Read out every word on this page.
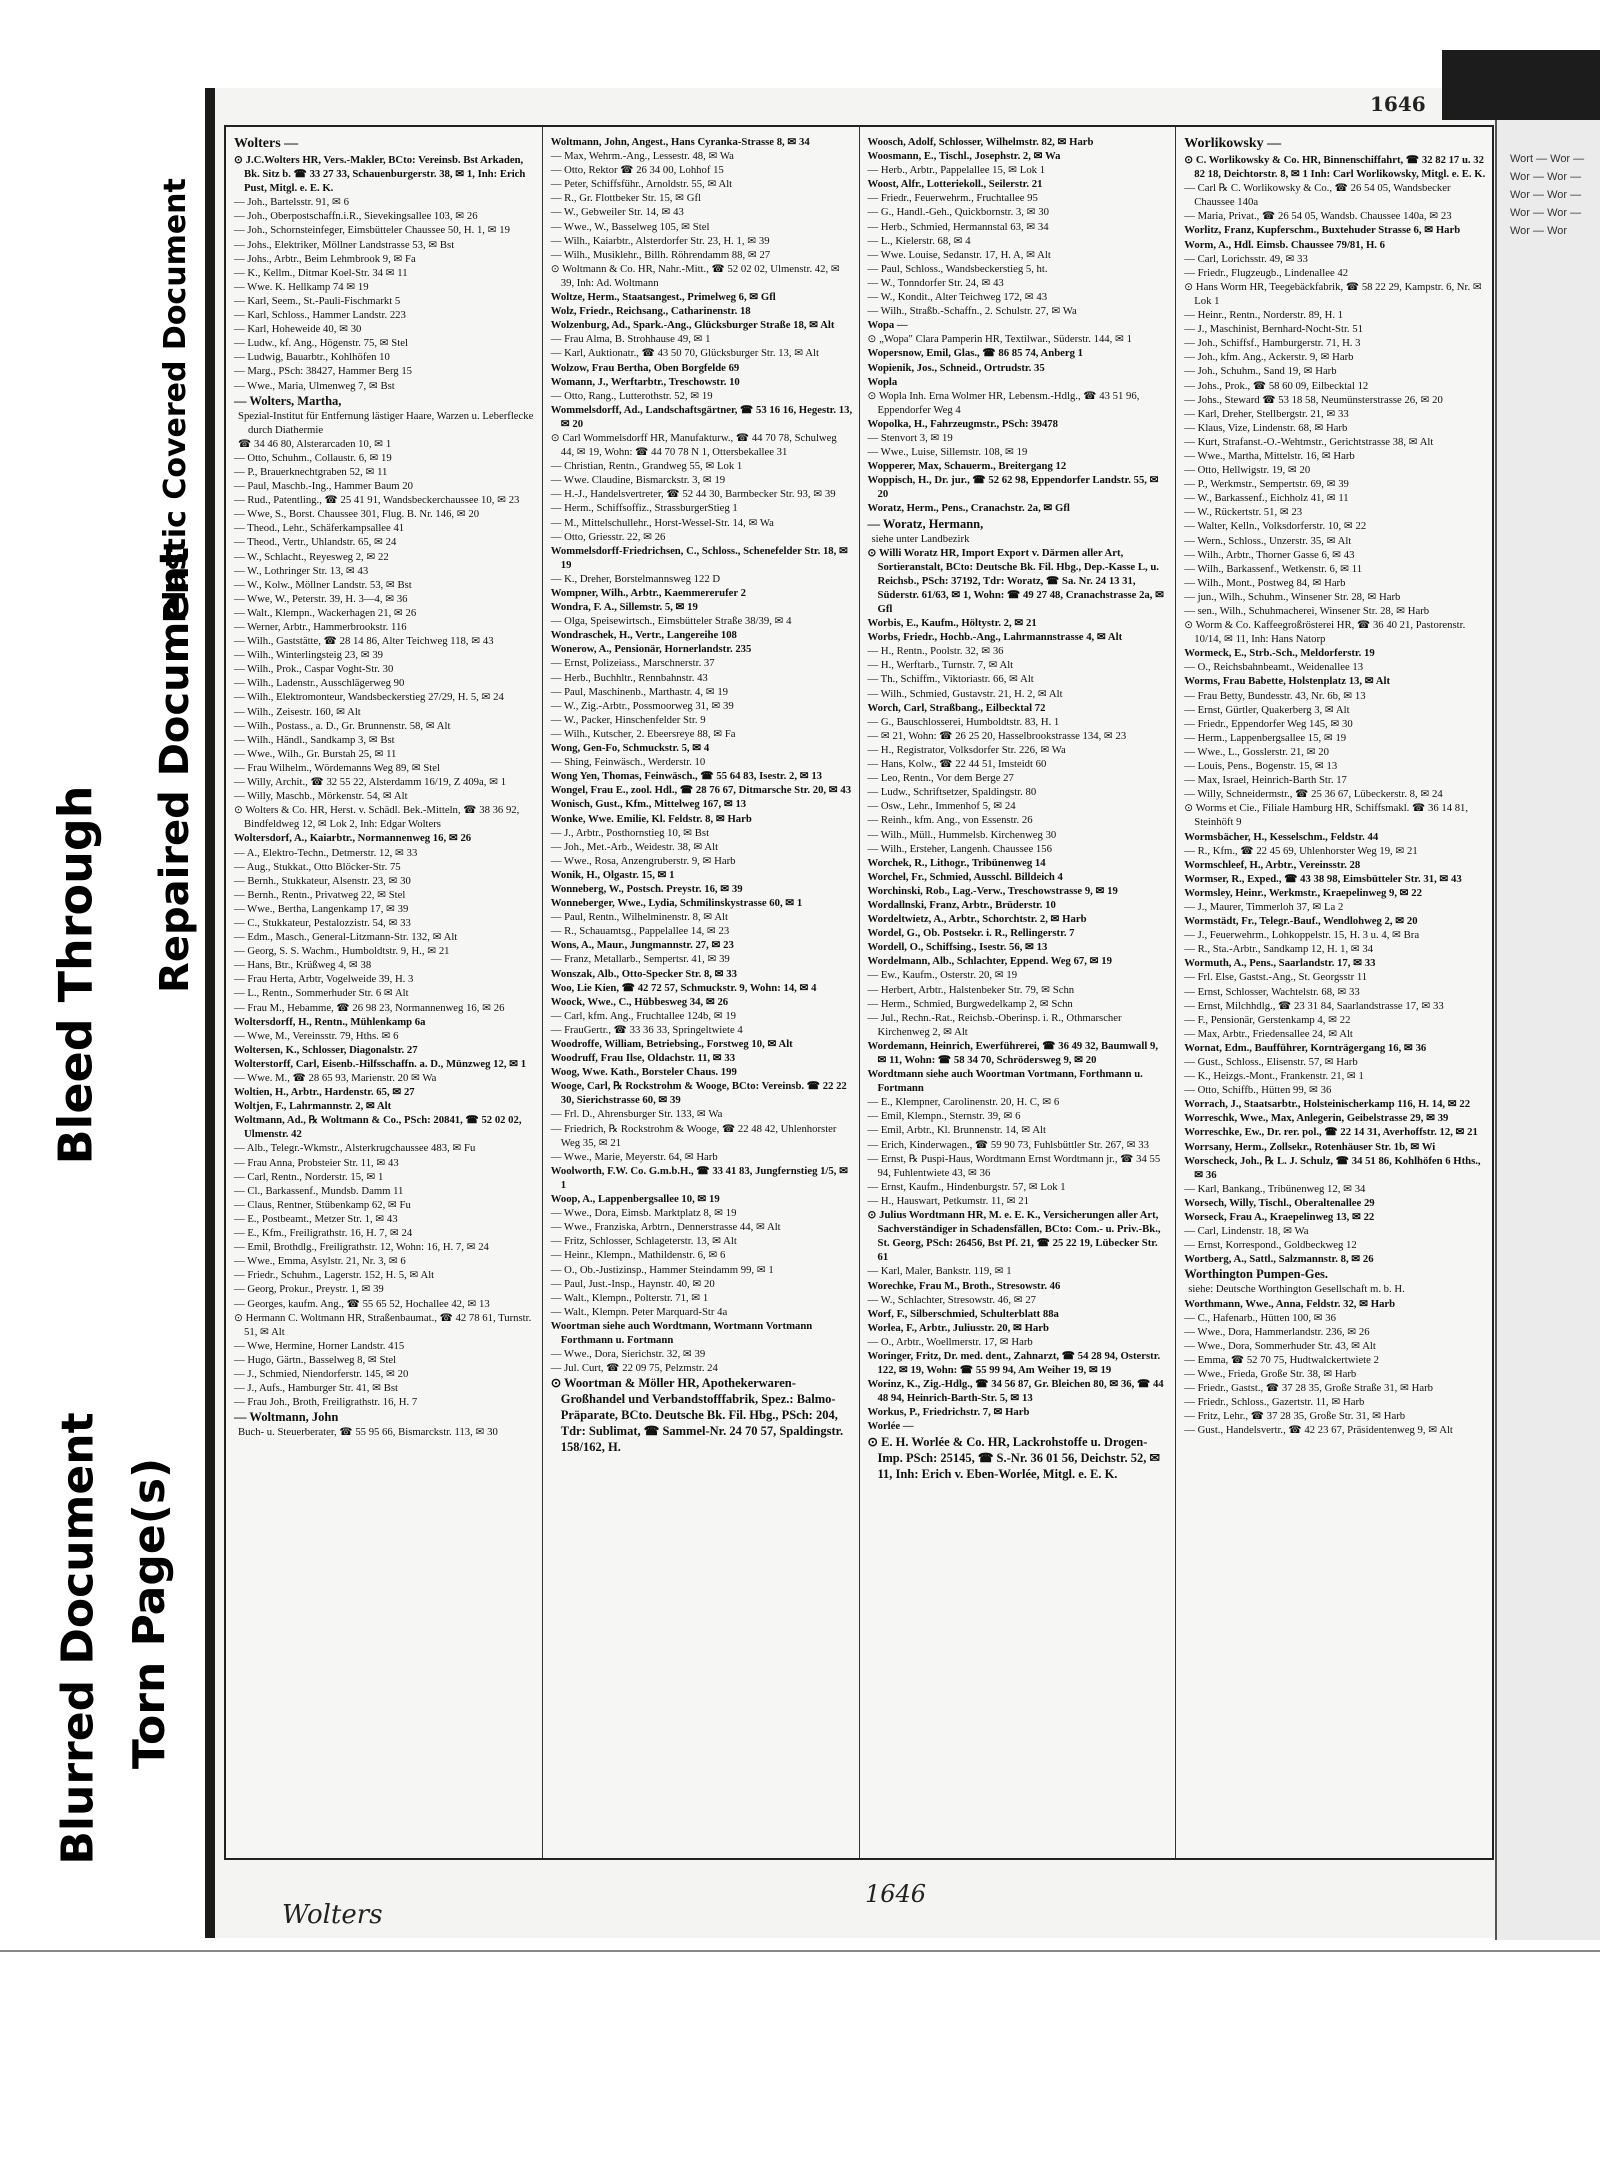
Blurred Document Torn Page(s)
Bleed Through Repaired Document
Plastic Covered Document
Wort — Wor — Wor — Wor — Wor — Wor — Wor — Wor — Wor — Wor
1646

Wolters —

⊙ J.C.Wolters HR, Vers.-Makler, BCto: Vereinsb. Bst Arkaden, Bk. Sitz b. ☎ 33 27 33, Schauenburgerstr. 38, ✉ 1, Inh: Erich Pust, Mitgl. e. E. K.

— Joh., Bartelsstr. 91, ✉ 6

— Joh., Oberpostschaffn.i.R., Sievekingsallee 103, ✉ 26

— Joh., Schornsteinfeger, Eimsbütteler Chaussee 50, H. 1, ✉ 19

— Johs., Elektriker, Möllner Landstrasse 53, ✉ Bst

— Johs., Arbtr., Beim Lehmbrook 9, ✉ Fa

— K., Kellm., Ditmar Koel-Str. 34 ✉ 11

— Wwe. K. Hellkamp 74 ✉ 19

— Karl, Seem., St.-Pauli-Fischmarkt 5

— Karl, Schloss., Hammer Landstr. 223

— Karl, Hoheweide 40, ✉ 30

— Ludw., kf. Ang., Högenstr. 75, ✉ Stel

— Ludwig, Bauarbtr., Kohlhöfen 10

— Marg., PSch: 38427, Hammer Berg 15

— Wwe., Maria, Ulmenweg 7, ✉ Bst

— Wolters, Martha,

Spezial-Institut für Entfernung lästiger Haare, Warzen u. Leberflecke durch Diathermie

☎ 34 46 80, Alsterarcaden 10, ✉ 1

— Otto, Schuhm., Collaustr. 6, ✉ 19

— P., Brauerknechtgraben 52, ✉ 11

— Paul, Maschb.-Ing., Hammer Baum 20

— Rud., Patentling., ☎ 25 41 91, Wandsbeckerchaussee 10, ✉ 23

— Wwe, S., Borst. Chaussee 301, Flug. B. Nr. 146, ✉ 20

— Theod., Lehr., Schäferkampsallee 41

— Theod., Vertr., Uhlandstr. 65, ✉ 24

— W., Schlacht., Reyesweg 2, ✉ 22

— W., Lothringer Str. 13, ✉ 43

— W., Kolw., Möllner Landstr. 53, ✉ Bst

— Wwe, W., Peterstr. 39, H. 3—4, ✉ 36

— Walt., Klempn., Wackerhagen 21, ✉ 26

— Werner, Arbtr., Hammerbrookstr. 116

— Wilh., Gaststätte, ☎ 28 14 86, Alter Teichweg 118, ✉ 43

— Wilh., Winterlingsteig 23, ✉ 39

— Wilh., Prok., Caspar Voght-Str. 30

— Wilh., Ladenstr., Ausschlägerweg 90

— Wilh., Elektromonteur, Wandsbeckerstieg 27/29, H. 5, ✉ 24

— Wilh., Zeisestr. 160, ✉ Alt

— Wilh., Postass., a. D., Gr. Brunnenstr. 58, ✉ Alt

— Wilh., Händl., Sandkamp 3, ✉ Bst

— Wwe., Wilh., Gr. Burstah 25, ✉ 11

— Frau Wilhelm., Wördemanns Weg 89, ✉ Stel

— Willy, Archit., ☎ 32 55 22, Alsterdamm 16/19, Z 409a, ✉ 1

— Willy, Maschb., Mörkenstr. 54, ✉ Alt

⊙ Wolters & Co. HR, Herst. v. Schädl. Bek.-Mitteln, ☎ 38 36 92, Bindfeldweg 12, ✉ Lok 2, Inh: Edgar Wolters

Woltersdorf, A., Kaiarbtr., Normannenweg 16, ✉ 26

— A., Elektro-Techn., Detmerstr. 12, ✉ 33

— Aug., Stukkat., Otto Blöcker-Str. 75

— Bernh., Stukkateur, Alsenstr. 23, ✉ 30

— Bernh., Rentn., Privatweg 22, ✉ Stel

— Wwe., Bertha, Langenkamp 17, ✉ 39

— C., Stukkateur, Pestalozzistr. 54, ✉ 33

— Edm., Masch., General-Litzmann-Str. 132, ✉ Alt

— Georg, S. S. Wachm., Humboldtstr. 9, H., ✉ 21

— Hans, Btr., Krüßweg 4, ✉ 38

— Frau Herta, Arbtr, Vogelweide 39, H. 3

— L., Rentn., Sommerhuder Str. 6 ✉ Alt

— Frau M., Hebamme, ☎ 26 98 23, Normannenweg 16, ✉ 26

Woltersdorff, H., Rentn., Mühlenkamp 6a

— Wwe, M., Vereinsstr. 79, Hths. ✉ 6

Woltersen, K., Schlosser, Diagonalstr. 27

Wolterstorff, Carl, Eisenb.-Hilfsschaffn. a. D., Münzweg 12, ✉ 1

— Wwe. M., ☎ 28 65 93, Marienstr. 20 ✉ Wa

Woltien, H., Arbtr., Hardenstr. 65, ✉ 27

Woltjen, F., Lahrmannstr. 2, ✉ Alt

Woltmann, Ad., ℞ Woltmann & Co., PSch: 20841, ☎ 52 02 02, Ulmenstr. 42

— Alb., Telegr.-Wkmstr., Alsterkrugchaussee 483, ✉ Fu

— Frau Anna, Probsteier Str. 11, ✉ 43

— Carl, Rentn., Norderstr. 15, ✉ 1

— Cl., Barkassenf., Mundsb. Damm 11

— Claus, Rentner, Stübenkamp 62, ✉ Fu

— E., Postbeamt., Metzer Str. 1, ✉ 43

— E., Kfm., Freiligrathstr. 16, H. 7, ✉ 24

— Emil, Brothdlg., Freiligrathstr. 12, Wohn: 16, H. 7, ✉ 24

— Wwe., Emma, Asylstr. 21, Nr. 3, ✉ 6

— Friedr., Schuhm., Lagerstr. 152, H. 5, ✉ Alt

— Georg, Prokur., Preystr. 1, ✉ 39

— Georges, kaufm. Ang., ☎ 55 65 52, Hochallee 42, ✉ 13

⊙ Hermann C. Woltmann HR, Straßenbaumat., ☎ 42 78 61, Turnstr. 51, ✉ Alt

— Wwe, Hermine, Horner Landstr. 415

— Hugo, Gärtn., Basselweg 8, ✉ Stel

— J., Schmied, Niendorferstr. 145, ✉ 20

— J., Aufs., Hamburger Str. 41, ✉ Bst

— Frau Joh., Broth, Freiligrathstr. 16, H. 7

— Woltmann, John

Buch- u. Steuerberater, ☎ 55 95 66, Bismarckstr. 113, ✉ 30

Woltmann, John, Angest., Hans Cyranka-Strasse 8, ✉ 34

— Max, Wehrm.-Ang., Lessestr. 48, ✉ Wa

— Otto, Rektor ☎ 26 34 00, Lohhof 15

— Peter, Schiffsführ., Arnoldstr. 55, ✉ Alt

— R., Gr. Flottbeker Str. 15, ✉ Gfl

— W., Gebweiler Str. 14, ✉ 43

— Wwe., W., Basselweg 105, ✉ Stel

— Wilh., Kaiarbtr., Alsterdorfer Str. 23, H. 1, ✉ 39

— Wilh., Musiklehr., Billh. Röhrendamm 88, ✉ 27

⊙ Woltmann & Co. HR, Nahr.-Mitt., ☎ 52 02 02, Ulmenstr. 42, ✉ 39, Inh: Ad. Woltmann

Woltze, Herm., Staatsangest., Primelweg 6, ✉ Gfl

Wolz, Friedr., Reichsang., Catharinenstr. 18

Wolzenburg, Ad., Spark.-Ang., Glücksburger Straße 18, ✉ Alt

— Frau Alma, B. Strohhause 49, ✉ 1

— Karl, Auktionatr., ☎ 43 50 70, Glücksburger Str. 13, ✉ Alt

Wolzow, Frau Bertha, Oben Borgfelde 69

Womann, J., Werftarbtr., Treschowstr. 10

— Otto, Rang., Lutterothstr. 52, ✉ 19

Wommelsdorff, Ad., Landschaftsgärtner, ☎ 53 16 16, Hegestr. 13, ✉ 20

⊙ Carl Wommelsdorff HR, Manufakturw., ☎ 44 70 78, Schulweg 44, ✉ 19, Wohn: ☎ 44 70 78 N 1, Ottersbekallee 31

— Christian, Rentn., Grandweg 55, ✉ Lok 1

— Wwe. Claudine, Bismarckstr. 3, ✉ 19

— H.-J., Handelsvertreter, ☎ 52 44 30, Barmbecker Str. 93, ✉ 39

— Herm., Schiffsoffiz., StrassburgerStieg 1

— M., Mittelschullehr., Horst-Wessel-Str. 14, ✉ Wa

— Otto, Griesstr. 22, ✉ 26

Wommelsdorff-Friedrichsen, C., Schloss., Schenefelder Str. 18, ✉ 19

— K., Dreher, Borstelmannsweg 122 D

Wompner, Wilh., Arbtr., Kaemmererufer 2

Wondra, F. A., Sillemstr. 5, ✉ 19

— Olga, Speisewirtsch., Eimsbütteler Straße 38/39, ✉ 4

Wondraschek, H., Vertr., Langereihe 108

Wonerow, A., Pensionär, Hornerlandstr. 235

— Ernst, Polizeiass., Marschnerstr. 37

— Herb., Buchhltr., Rennbahnstr. 43

— Paul, Maschinenb., Marthastr. 4, ✉ 19

— W., Zig.-Arbtr., Possmoorweg 31, ✉ 39

— W., Packer, Hinschenfelder Str. 9

— Wilh., Kutscher, 2. Ebeersreye 88, ✉ Fa

Wong, Gen-Fo, Schmuckstr. 5, ✉ 4

— Shing, Feinwäsch., Werderstr. 10

Wong Yen, Thomas, Feinwäsch., ☎ 55 64 83, Isestr. 2, ✉ 13

Wongel, Frau E., zool. Hdl., ☎ 28 76 67, Ditmarsche Str. 20, ✉ 43

Wonisch, Gust., Kfm., Mittelweg 167, ✉ 13

Wonke, Wwe. Emilie, Kl. Feldstr. 8, ✉ Harb

— J., Arbtr., Posthornstieg 10, ✉ Bst

— Joh., Met.-Arb., Weidestr. 38, ✉ Alt

— Wwe., Rosa, Anzengruberstr. 9, ✉ Harb

Wonik, H., Olgastr. 15, ✉ 1

Wonneberg, W., Postsch. Preystr. 16, ✉ 39

Wonneberger, Wwe., Lydia, Schmilinskystrasse 60, ✉ 1

— Paul, Rentn., Wilhelminenstr. 8, ✉ Alt

— R., Schauamtsg., Pappelallee 14, ✉ 23

Wons, A., Maur., Jungmannstr. 27, ✉ 23

— Franz, Metallarb., Sempertsr. 41, ✉ 39

Wonszak, Alb., Otto-Specker Str. 8, ✉ 33

Woo, Lie Kien, ☎ 42 72 57, Schmuckstr. 9, Wohn: 14, ✉ 4

Woock, Wwe., C., Hübbesweg 34, ✉ 26

— Carl, kfm. Ang., Fruchtallee 124b, ✉ 19

— FrauGertr., ☎ 33 36 33, Springeltwiete 4

Woodroffe, William, Betriebsing., Forstweg 10, ✉ Alt

Woodruff, Frau Ilse, Oldachstr. 11, ✉ 33

Woog, Wwe. Kath., Borsteler Chaus. 199

Wooge, Carl, ℞ Rockstrohm & Wooge, BCto: Vereinsb. ☎ 22 22 30, Sierichstrasse 60, ✉ 39

— Frl. D., Ahrensburger Str. 133, ✉ Wa

— Friedrich, ℞ Rockstrohm & Wooge, ☎ 22 48 42, Uhlenhorster Weg 35, ✉ 21

— Wwe., Marie, Meyerstr. 64, ✉ Harb

Woolworth, F.W. Co. G.m.b.H., ☎ 33 41 83, Jungfernstieg 1/5, ✉ 1

Woop, A., Lappenbergsallee 10, ✉ 19

— Wwe., Dora, Eimsb. Marktplatz 8, ✉ 19

— Wwe., Franziska, Arbtrn., Dennerstrasse 44, ✉ Alt

— Fritz, Schlosser, Schlageterstr. 13, ✉ Alt

— Heinr., Klempn., Mathildenstr. 6, ✉ 6

— O., Ob.-Justizinsp., Hammer Steindamm 99, ✉ 1

— Paul, Just.-Insp., Haynstr. 40, ✉ 20

— Walt., Klempn., Polterstr. 71, ✉ 1

— Walt., Klempn. Peter Marquard-Str 4a

Woortman siehe auch Wordtmann, Wortmann Vortmann Forthmann u. Fortmann

— Wwe., Dora, Sierichstr. 32, ✉ 39

— Jul. Curt, ☎ 22 09 75, Pelzmstr. 24

⊙ Woortman & Möller HR, Apothekerwaren-Großhandel und Verbandstofffabrik, Spez.: Balmo-Präparate, BCto. Deutsche Bk. Fil. Hbg., PSch: 204, Tdr: Sublimat, ☎ Sammel-Nr. 24 70 57, Spaldingstr. 158/162, H.

Woosch, Adolf, Schlosser, Wilhelmstr. 82, ✉ Harb

Woosmann, E., Tischl., Josephstr. 2, ✉ Wa

— Herb., Arbtr., Pappelallee 15, ✉ Lok 1

Woost, Alfr., Lotteriekoll., Seilerstr. 21

— Friedr., Feuerwehrm., Fruchtallee 95

— G., Handl.-Geh., Quickbornstr. 3, ✉ 30

— Herb., Schmied, Hermannstal 63, ✉ 34

— L., Kielerstr. 68, ✉ 4

— Wwe. Louise, Sedanstr. 17, H. A, ✉ Alt

— Paul, Schloss., Wandsbeckerstieg 5, ht.

— W., Tonndorfer Str. 24, ✉ 43

— W., Kondit., Alter Teichweg 172, ✉ 43

— Wilh., Straßb.-Schaffn., 2. Schulstr. 27, ✉ Wa

Wopa —

⊙ „Wopa" Clara Pamperin HR, Textilwar., Süderstr. 144, ✉ 1

Wopersnow, Emil, Glas., ☎ 86 85 74, Anberg 1

Wopienik, Jos., Schneid., Ortrudstr. 35

Wopla

⊙ Wopla Inh. Erna Wolmer HR, Lebensm.-Hdlg., ☎ 43 51 96, Eppendorfer Weg 4

Wopolka, H., Fahrzeugmstr., PSch: 39478

— Stenvort 3, ✉ 19

— Wwe., Luise, Sillemstr. 108, ✉ 19

Wopperer, Max, Schauerm., Breitergang 12

Woppisch, H., Dr. jur., ☎ 52 62 98, Eppendorfer Landstr. 55, ✉ 20

Woratz, Herm., Pens., Cranachstr. 2a, ✉ Gfl

— Woratz, Hermann,

siehe unter Landbezirk

⊙ Willi Woratz HR, Import Export v. Därmen aller Art, Sortieranstalt, BCto: Deutsche Bk. Fil. Hbg., Dep.-Kasse L, u. Reichsb., PSch: 37192, Tdr: Woratz, ☎ Sa. Nr. 24 13 31, Süderstr. 61/63, ✉ 1, Wohn: ☎ 49 27 48, Cranachstrasse 2a, ✉ Gfl

Worbis, E., Kaufm., Höltystr. 2, ✉ 21

Worbs, Friedr., Hochb.-Ang., Lahrmannstrasse 4, ✉ Alt

— H., Rentn., Poolstr. 32, ✉ 36

— H., Werftarb., Turnstr. 7, ✉ Alt

— Th., Schiffm., Viktoriastr. 66, ✉ Alt

— Wilh., Schmied, Gustavstr. 21, H. 2, ✉ Alt

Worch, Carl, Straßbang., Eilbecktal 72

— G., Bauschlosserei, Humboldtstr. 83, H. 1

— ✉ 21, Wohn: ☎ 26 25 20, Hasselbrookstrasse 134, ✉ 23

— H., Registrator, Volksdorfer Str. 226, ✉ Wa

— Hans, Kolw., ☎ 22 44 51, Imsteidt 60

— Leo, Rentn., Vor dem Berge 27

— Ludw., Schriftsetzer, Spaldingstr. 80

— Osw., Lehr., Immenhof 5, ✉ 24

— Reinh., kfm. Ang., von Essenstr. 26

— Wilh., Müll., Hummelsb. Kirchenweg 30

— Wilh., Ersteher, Langenh. Chaussee 156

Worchek, R., Lithogr., Tribünenweg 14

Worchel, Fr., Schmied, Ausschl. Billdeich 4

Worchinski, Rob., Lag.-Verw., Treschowstrasse 9, ✉ 19

Wordallnski, Franz, Arbtr., Brüderstr. 10

Wordeltwietz, A., Arbtr., Schorchtstr. 2, ✉ Harb

Wordel, G., Ob. Postsekr. i. R., Rellingerstr. 7

Wordell, O., Schiffsing., Isestr. 56, ✉ 13

Wordelmann, Alb., Schlachter, Eppend. Weg 67, ✉ 19

— Ew., Kaufm., Osterstr. 20, ✉ 19

— Herbert, Arbtr., Halstenbeker Str. 79, ✉ Schn

— Herm., Schmied, Burgwedelkamp 2, ✉ Schn

— Jul., Rechn.-Rat., Reichsb.-Oberinsp. i. R., Othmarscher Kirchenweg 2, ✉ Alt

Wordemann, Heinrich, Ewerführerei, ☎ 36 49 32, Baumwall 9, ✉ 11, Wohn: ☎ 58 34 70, Schrödersweg 9, ✉ 20

Wordtmann siehe auch Woortman Vortmann, Forthmann u. Fortmann

— E., Klempner, Carolinenstr. 20, H. C, ✉ 6

— Emil, Klempn., Sternstr. 39, ✉ 6

— Emil, Arbtr., Kl. Brunnenstr. 14, ✉ Alt

— Erich, Kinderwagen., ☎ 59 90 73, Fuhlsbüttler Str. 267, ✉ 33

— Ernst, ℞ Puspi-Haus, Wordtmann Ernst Wordtmann jr., ☎ 34 55 94, Fuhlentwiete 43, ✉ 36

— Ernst, Kaufm., Hindenburgstr. 57, ✉ Lok 1

— H., Hauswart, Petkumstr. 11, ✉ 21

⊙ Julius Wordtmann HR, M. e. E. K., Versicherungen aller Art, Sachverständiger in Schadensfällen, BCto: Com.- u. Priv.-Bk., St. Georg, PSch: 26456, Bst Pf. 21, ☎ 25 22 19, Lübecker Str. 61

— Karl, Maler, Bankstr. 119, ✉ 1

Worechke, Frau M., Broth., Stresowstr. 46

— W., Schlachter, Stresowstr. 46, ✉ 27

Worf, F., Silberschmied, Schulterblatt 88a

Worlea, F., Arbtr., Juliusstr. 20, ✉ Harb

— O., Arbtr., Woellmerstr. 17, ✉ Harb

Woringer, Fritz, Dr. med. dent., Zahnarzt, ☎ 54 28 94, Osterstr. 122, ✉ 19, Wohn: ☎ 55 99 94, Am Weiher 19, ✉ 19

Worinz, K., Zig.-Hdlg., ☎ 34 56 87, Gr. Bleichen 80, ✉ 36, ☎ 44 48 94, Heinrich-Barth-Str. 5, ✉ 13

Workus, P., Friedrichstr. 7, ✉ Harb

Worlée —

⊙ E. H. Worlée & Co. HR, Lackrohstoffe u. Drogen-Imp. PSch: 25145, ☎ S.-Nr. 36 01 56, Deichstr. 52, ✉ 11, Inh: Erich v. Eben-Worlée, Mitgl. e. E. K.

Worlikowsky —

⊙ C. Worlikowsky & Co. HR, Binnenschiffahrt, ☎ 32 82 17 u. 32 82 18, Deichtorstr. 8, ✉ 1 Inh: Carl Worlikowsky, Mitgl. e. E. K.

— Carl ℞ C. Worlikowsky & Co., ☎ 26 54 05, Wandsbecker Chaussee 140a

— Maria, Privat., ☎ 26 54 05, Wandsb. Chaussee 140a, ✉ 23

Worlitz, Franz, Kupferschm., Buxtehuder Strasse 6, ✉ Harb

Worm, A., Hdl. Eimsb. Chaussee 79/81, H. 6

— Carl, Lorichsstr. 49, ✉ 33

— Friedr., Flugzeugb., Lindenallee 42

⊙ Hans Worm HR, Teegebäckfabrik, ☎ 58 22 29, Kampstr. 6, Nr. ✉ Lok 1

— Heinr., Rentn., Norderstr. 89, H. 1

— J., Maschinist, Bernhard-Nocht-Str. 51

— Joh., Schiffsf., Hamburgerstr. 71, H. 3

— Joh., kfm. Ang., Ackerstr. 9, ✉ Harb

— Joh., Schuhm., Sand 19, ✉ Harb

— Johs., Prok., ☎ 58 60 09, Eilbecktal 12

— Johs., Steward ☎ 53 18 58, Neumünsterstrasse 26, ✉ 20

— Karl, Dreher, Stellbergstr. 21, ✉ 33

— Klaus, Vize, Lindenstr. 68, ✉ Harb

— Kurt, Strafanst.-O.-Wehtmstr., Gerichtstrasse 38, ✉ Alt

— Wwe., Martha, Mittelstr. 16, ✉ Harb

— Otto, Hellwigstr. 19, ✉ 20

— P., Werkmstr., Sempertstr. 69, ✉ 39

— W., Barkassenf., Eichholz 41, ✉ 11

— W., Rückertstr. 51, ✉ 23

— Walter, Kelln., Volksdorferstr. 10, ✉ 22

— Wern., Schloss., Unzerstr. 35, ✉ Alt

— Wilh., Arbtr., Thorner Gasse 6, ✉ 43

— Wilh., Barkassenf., Wetkenstr. 6, ✉ 11

— Wilh., Mont., Postweg 84, ✉ Harb

— jun., Wilh., Schuhm., Winsener Str. 28, ✉ Harb

— sen., Wilh., Schuhmacherei, Winsener Str. 28, ✉ Harb

⊙ Worm & Co. Kaffeegroßrösterei HR, ☎ 36 40 21, Pastorenstr. 10/14, ✉ 11, Inh: Hans Natorp

Wormeck, E., Strb.-Sch., Meldorferstr. 19

— O., Reichsbahnbeamt., Weidenallee 13

Worms, Frau Babette, Holstenplatz 13, ✉ Alt

— Frau Betty, Bundesstr. 43, Nr. 6b, ✉ 13

— Ernst, Gürtler, Quakerberg 3, ✉ Alt

— Friedr., Eppendorfer Weg 145, ✉ 30

— Herm., Lappenbergsallee 15, ✉ 19

— Wwe., L., Gosslerstr. 21, ✉ 20

— Louis, Pens., Bogenstr. 15, ✉ 13

— Max, Israel, Heinrich-Barth Str. 17

— Willy, Schneidermstr., ☎ 25 36 67, Lübeckerstr. 8, ✉ 24

⊙ Worms et Cie., Filiale Hamburg HR, Schiffsmakl. ☎ 36 14 81, Steinhöft 9

Wormsbächer, H., Kesselschm., Feldstr. 44

— R., Kfm., ☎ 22 45 69, Uhlenhorster Weg 19, ✉ 21

Wormschleef, H., Arbtr., Vereinsstr. 28

Wormser, R., Exped., ☎ 43 38 98, Eimsbütteler Str. 31, ✉ 43

Wormsley, Heinr., Werkmstr., Kraepelinweg 9, ✉ 22

— J., Maurer, Timmerloh 37, ✉ La 2

Wormstädt, Fr., Telegr.-Bauf., Wendlohweg 2, ✉ 20

— J., Feuerwehrm., Lohkoppelstr. 15, H. 3 u. 4, ✉ Bra

— R., Sta.-Arbtr., Sandkamp 12, H. 1, ✉ 34

Wormuth, A., Pens., Saarlandstr. 17, ✉ 33

— Frl. Else, Gastst.-Ang., St. Georgsstr 11

— Ernst, Schlosser, Wachtelstr. 68, ✉ 33

— Ernst, Milchhdlg., ☎ 23 31 84, Saarlandstrasse 17, ✉ 33

— F., Pensionär, Gerstenkamp 4, ✉ 22

— Max, Arbtr., Friedensallee 24, ✉ Alt

Wornat, Edm., Baufführer, Kornträgergang 16, ✉ 36

— Gust., Schloss., Elisenstr. 57, ✉ Harb

— K., Heizgs.-Mont., Frankenstr. 21, ✉ 1

— Otto, Schiffb., Hütten 99, ✉ 36

Worrach, J., Staatsarbtr., Holsteinischerkamp 116, H. 14, ✉ 22

Worreschk, Wwe., Max, Anlegerin, Geibelstrasse 29, ✉ 39

Worreschke, Ew., Dr. rer. pol., ☎ 22 14 31, Averhoffstr. 12, ✉ 21

Worrsany, Herm., Zollsekr., Rotenhäuser Str. 1b, ✉ Wi

Worscheck, Joh., ℞ L. J. Schulz, ☎ 34 51 86, Kohlhöfen 6 Hths., ✉ 36

— Karl, Bankang., Tribünenweg 12, ✉ 34

Worsech, Willy, Tischl., Oberaltenallee 29

Worseck, Frau A., Kraepelinweg 13, ✉ 22

— Carl, Lindenstr. 18, ✉ Wa

— Ernst, Korrespond., Goldbeckweg 12

Wortberg, A., Sattl., Salzmannstr. 8, ✉ 26

Worthington Pumpen-Ges.

siehe: Deutsche Worthington Gesellschaft m. b. H.

Worthmann, Wwe., Anna, Feldstr. 32, ✉ Harb

— C., Hafenarb., Hütten 100, ✉ 36

— Wwe., Dora, Hammerlandstr. 236, ✉ 26

— Wwe., Dora, Sommerhuder Str. 43, ✉ Alt

— Emma, ☎ 52 70 75, Hudtwalckertwiete 2

— Wwe., Frieda, Große Str. 38, ✉ Harb

— Friedr., Gastst., ☎ 37 28 35, Große Straße 31, ✉ Harb

— Friedr., Schloss., Gazertstr. 11, ✉ Harb

— Fritz, Lehr., ☎ 37 28 35, Große Str. 31, ✉ Harb

— Gust., Handelsvertr., ☎ 42 23 67, Präsidentenweg 9, ✉ Alt

Wolters
1646
